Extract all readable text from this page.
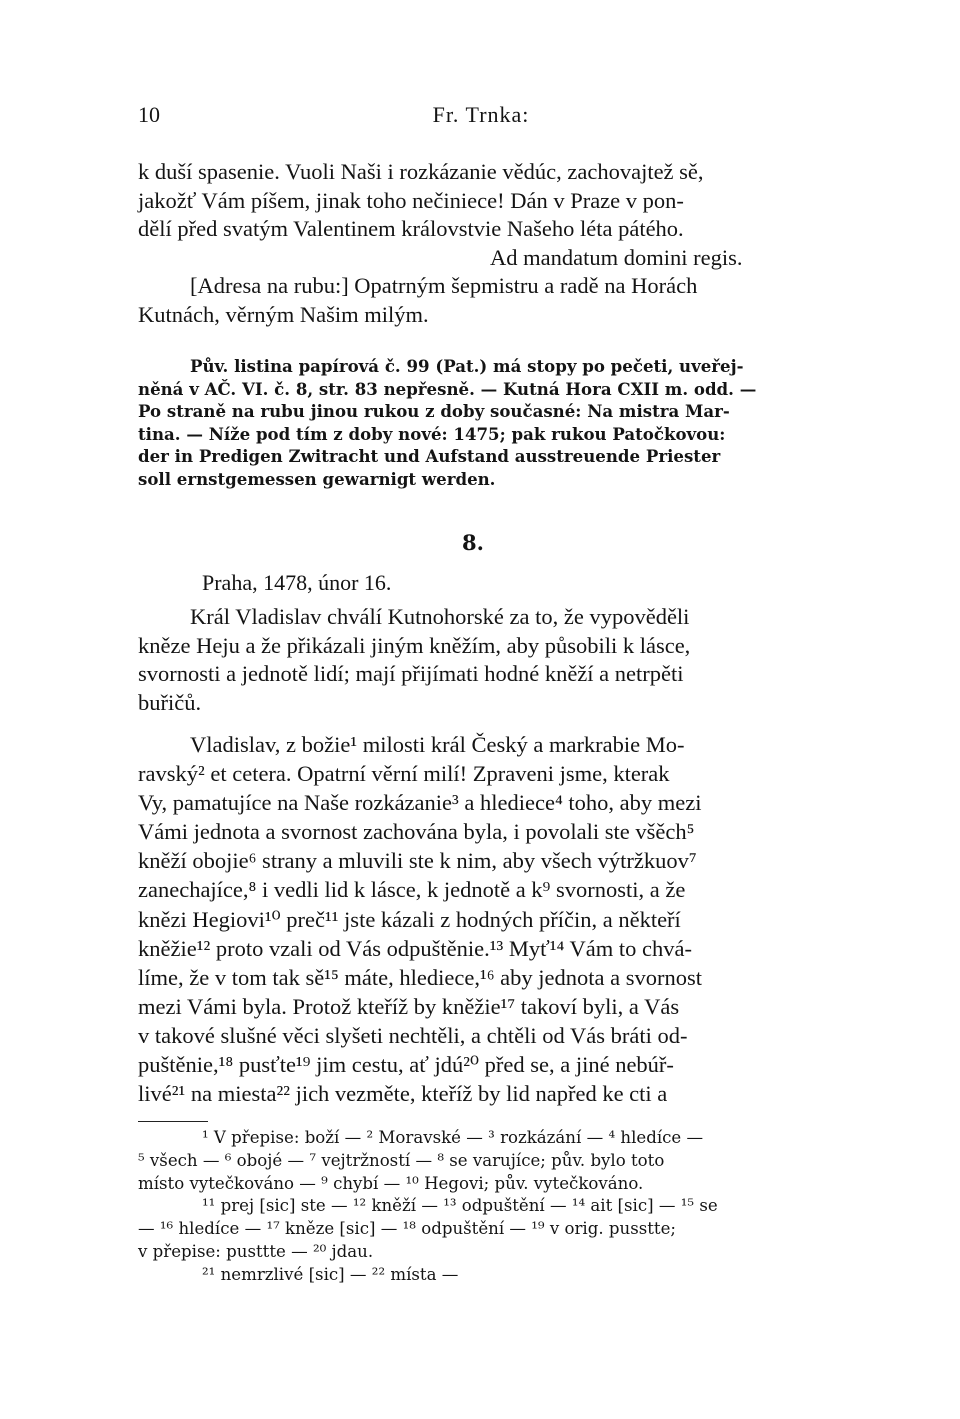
10	Fr. Trnka:
k duší spasenie. Vuoli Naši i rozkázanie vědúc, zachovajtež sě,
jakožť Vám píšem, jinak toho nečiniece! Dán v Praze v pon-
dělí před svatým Valentinem královstvie Našeho léta pátého.
Ad mandatum domini regis.
[Adresa na rubu:] Opatrným šepmistru a radě na Horách
Kutnách, věrným Našim milým.
Pův. listina papírová č. 99 (Pat.) má stopy po pečeti, uveřej-
něná v AČ. VI. č. 8, str. 83 nepřesně. — Kutná Hora CXII m. odd. —
Po straně na rubu jinou rukou z doby současné: Na mistra Mar-
tina. — Níže pod tím z doby nové: 1475; pak rukou Patočkovou:
der in Predigen Zwitracht und Aufstand ausstreuende Priester
soll ernstgemessen gewarnigt werden.
8.
Praha, 1478, únor 16.
Král Vladislav chválí Kutnohorské za to, že vypověděli
kněze Heju a že přikázali jiným kněžím, aby působili k lásce,
svornosti a jednotě lidí; mají přijímati hodné kněží a netrpěti
buřičů.
Vladislav, z božie¹ milosti král Český a markrabie Mo-
ravský² et cetera. Opatrní věrní milí! Zpraveni jsme, kterak
Vy, pamatujíce na Naše rozkázanie³ a hlediece⁴ toho, aby mezi
Vámi jednota a svornost zachována byla, i povolali ste všěch⁵
kněží obojie⁶ strany a mluvili ste k nim, aby všech výtržkuov⁷
zanechajíce,⁸ i vedli lid k lásce, k jednotě a k⁹ svornosti, a že
knězi Hegiovi¹⁰ preč¹¹ jste kázali z hodných příčin, a někteří
kněžie¹² proto vzali od Vás odpuštěnie.¹³ Myť¹⁴ Vám to chvá-
líme, že v tom tak sě¹⁵ máte, hlediece,¹⁶ aby jednota a svornost
mezi Vámi byla. Protož kteříž by kněžie¹⁷ takoví byli, a Vás
v takové slušné věci slyšeti nechtěli, a chtěli od Vás bráti od-
puštěnie,¹⁸ pusťte¹⁹ jim cestu, ať jdú²⁰ před se, a jiné nebúř-
livé²¹ na miesta²² jich vezměte, kteříž by lid napřed ke cti a
¹ V přepise: boží — ² Moravské — ³ rozkázání — ⁴ hledíce —
⁵ všech — ⁶ obojé — ⁷ vejtržností — ⁸ se varujíce; pův. bylo toto
místo vytečkováno — ⁹ chybí — ¹⁰ Hegovi; pův. vytečkováno.
¹¹ prej [sic] ste — ¹² kněží — ¹³ odpuštění — ¹⁴ ait [sic] — ¹⁵ se
— ¹⁶ hledíce — ¹⁷ kněze [sic] — ¹⁸ odpuštění — ¹⁹ v orig. pusstte;
v přepise: pusttte — ²⁰ jdau.
²¹ nemrzlivé [sic] — ²² místa —
